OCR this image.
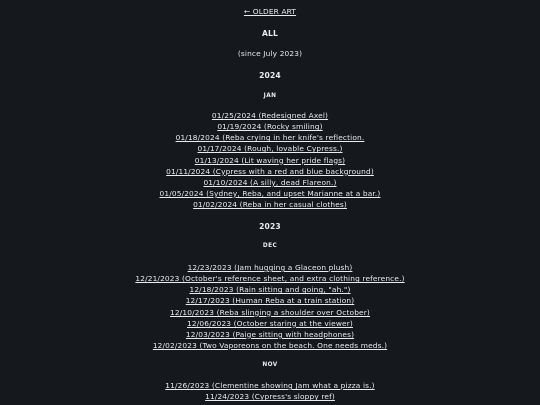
← OLDER ART
ALL
(since July 2023)
2024
JAN
01/25/2024 (Redesigned Axel)
01/19/2024 (Rocky smiling)
01/18/2024 (Reba crying in her knife's reflection.
01/17/2024 (Rough, lovable Cypress.)
01/13/2024 (Lit waving her pride flags)
01/11/2024 (Cypress with a red and blue background)
01/10/2024 (A silly, dead Flareon.)
01/05/2024 (Sydney, Reba, and upset Marianne at a bar.)
01/02/2024 (Reba in her casual clothes)
2023
DEC
12/23/2023 (Jam hugging a Glaceon plush)
12/21/2023 (October's reference sheet, and extra clothing reference.)
12/18/2023 (Rain sitting and going, "ah.")
12/17/2023 (Human Reba at a train station)
12/10/2023 (Reba slinging a shoulder over October)
12/06/2023 (October staring at the viewer)
12/03/2023 (Paige sitting with headphones)
12/02/2023 (Two Vaporeons on the beach. One needs meds.)
NOV
11/26/2023 (Clementine showing Jam what a pizza is.)
11/24/2023 (Cypress's sloppy ref)
